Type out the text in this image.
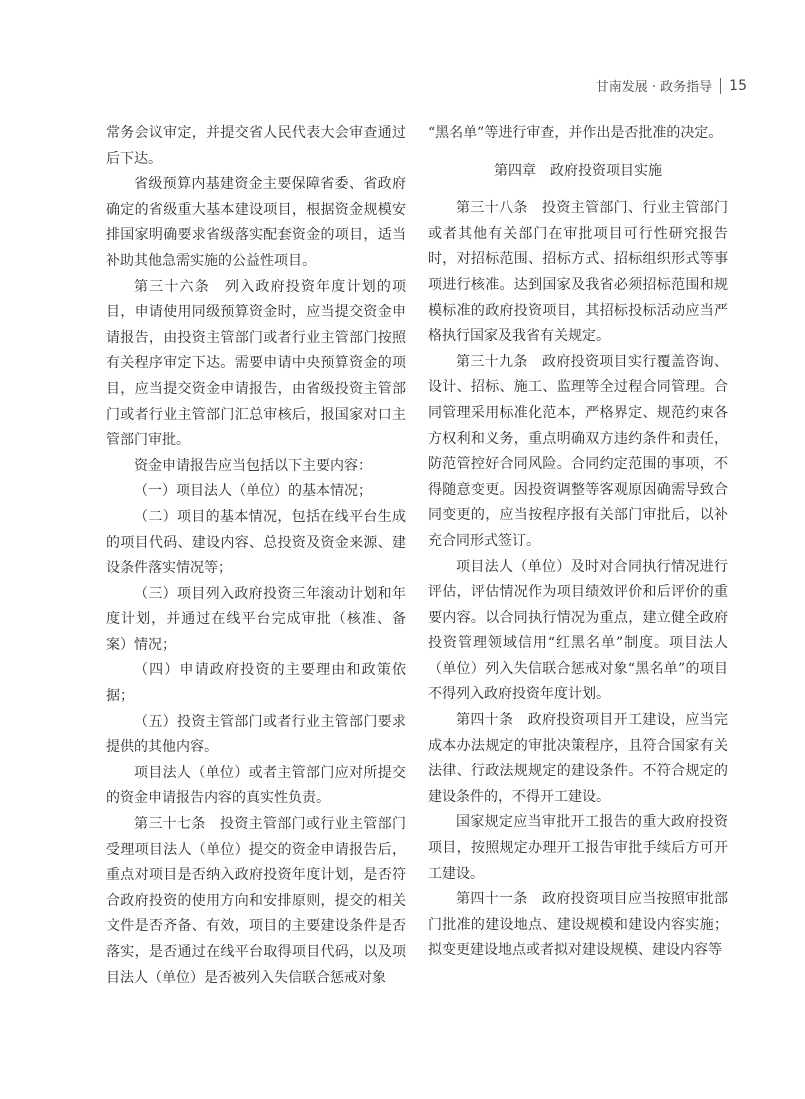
甘南发展 · 政务指导 15

常务会议审定，并提交省人民代表大会审查通过后下达。

省级预算内基建资金主要保障省委、省政府确定的省级重大基本建设项目，根据资金规模安排国家明确要求省级落实配套资金的项目，适当补助其他急需实施的公益性项目。

第三十六条　列入政府投资年度计划的项目，申请使用同级预算资金时，应当提交资金申请报告，由投资主管部门或者行业主管部门按照有关程序审定下达。需要申请中央预算资金的项目，应当提交资金申请报告，由省级投资主管部门或者行业主管部门汇总审核后，报国家对口主管部门审批。

资金申请报告应当包括以下主要内容：

（一）项目法人（单位）的基本情况；

（二）项目的基本情况，包括在线平台生成的项目代码、建设内容、总投资及资金来源、建设条件落实情况等；

（三）项目列入政府投资三年滚动计划和年度计划，并通过在线平台完成审批（核准、备案）情况；

（四）申请政府投资的主要理由和政策依据；

（五）投资主管部门或者行业主管部门要求提供的其他内容。

项目法人（单位）或者主管部门应对所提交的资金申请报告内容的真实性负责。

第三十七条　投资主管部门或行业主管部门受理项目法人（单位）提交的资金申请报告后，重点对项目是否纳入政府投资年度计划，是否符合政府投资的使用方向和安排原则，提交的相关文件是否齐备、有效，项目的主要建设条件是否落实，是否通过在线平台取得项目代码，以及项目法人（单位）是否被列入失信联合惩戒对象

“黑名单”等进行审查，并作出是否批准的决定。

第四章　政府投资项目实施

第三十八条　投资主管部门、行业主管部门或者其他有关部门在审批项目可行性研究报告时，对招标范围、招标方式、招标组织形式等事项进行核准。达到国家及我省必须招标范围和规模标准的政府投资项目，其招标投标活动应当严格执行国家及我省有关规定。

第三十九条　政府投资项目实行覆盖咨询、设计、招标、施工、监理等全过程合同管理。合同管理采用标准化范本，严格界定、规范约束各方权利和义务，重点明确双方违约条件和责任，防范管控好合同风险。合同约定范围的事项，不得随意变更。因投资调整等客观原因确需导致合同变更的，应当按程序报有关部门审批后，以补充合同形式签订。

项目法人（单位）及时对合同执行情况进行评估，评估情况作为项目绩效评价和后评价的重要内容。以合同执行情况为重点，建立健全政府投资管理领域信用“红黑名单”制度。项目法人（单位）列入失信联合惩戒对象“黑名单”的项目不得列入政府投资年度计划。

第四十条　政府投资项目开工建设，应当完成本办法规定的审批决策程序，且符合国家有关法律、行政法规规定的建设条件。不符合规定的建设条件的，不得开工建设。

国家规定应当审批开工报告的重大政府投资项目，按照规定办理开工报告审批手续后方可开工建设。

第四十一条　政府投资项目应当按照审批部门批准的建设地点、建设规模和建设内容实施；拟变更建设地点或者拟对建设规模、建设内容等
